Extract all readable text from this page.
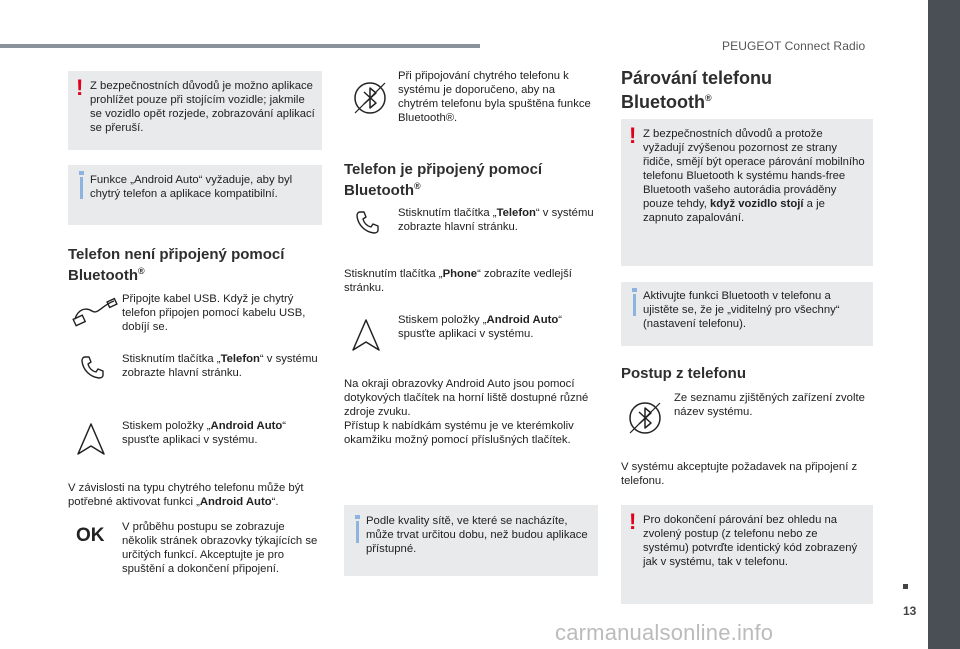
PEUGEOT Connect Radio
13
! Z bezpečnostních důvodů je možno aplikace prohlížet pouze při stojícím vozidle; jakmile se vozidlo opět rozjede, zobrazování aplikací se přeruší.

Funkce „Android Auto“ vyžaduje, aby byl chytrý telefon a aplikace kompatibilní.

Telefon není připojený pomocí
Bluetooth®

Připojte kabel USB. Když je chytrý telefon připojen pomocí kabelu USB, dobíjí se.

Stisknutím tlačítka „Telefon“ v systému zobrazte hlavní stránku.

Stiskem položky „Android Auto“ spusťte aplikaci v systému.

V závislosti na typu chytrého telefonu může být potřebné aktivovat funkci „Android Auto“.

OK V průběhu postupu se zobrazuje několik stránek obrazovky týkajících se určitých funkcí. Akceptujte je pro spuštění a dokončení připojení.

Při připojování chytrého telefonu k systému je doporučeno, aby na chytrém telefonu byla spuštěna funkce Bluetooth®.

Telefon je připojený pomocí
Bluetooth®

Stisknutím tlačítka „Telefon“ v systému zobrazte hlavní stránku.

Stisknutím tlačítka „Phone“ zobrazíte vedlejší stránku.

Stiskem položky „Android Auto“ spusťte aplikaci v systému.

Na okraji obrazovky Android Auto jsou pomocí dotykových tlačítek na horní liště dostupné různé zdroje zvuku.

Přístup k nabídkám systému je ve kterémkoliv okamžiku možný pomocí příslušných tlačítek.

Podle kvality sítě, ve které se nacházíte, může trvat určitou dobu, než budou aplikace přístupné.

Párování telefonu
Bluetooth®
! Z bezpečnostních důvodů a protože vyžadují zvýšenou pozornost ze strany řidiče, smějí být operace párování mobilního telefonu Bluetooth k systému hands-free Bluetooth vašeho autorádia prováděny pouze tehdy, když vozidlo stojí a je zapnuto zapalování.

Aktivujte funkci Bluetooth v telefonu a ujistěte se, že je „viditelný pro všechny“ (nastavení telefonu).

Postup z telefonu

Ze seznamu zjištěných zařízení zvolte název systému.

V systému akceptujte požadavek na připojení z telefonu.

! Pro dokončení párování bez ohledu na zvolený postup (z telefonu nebo ze systému) potvrďte identický kód zobrazený jak v systému, tak v telefonu.

carmanualsonline.info
